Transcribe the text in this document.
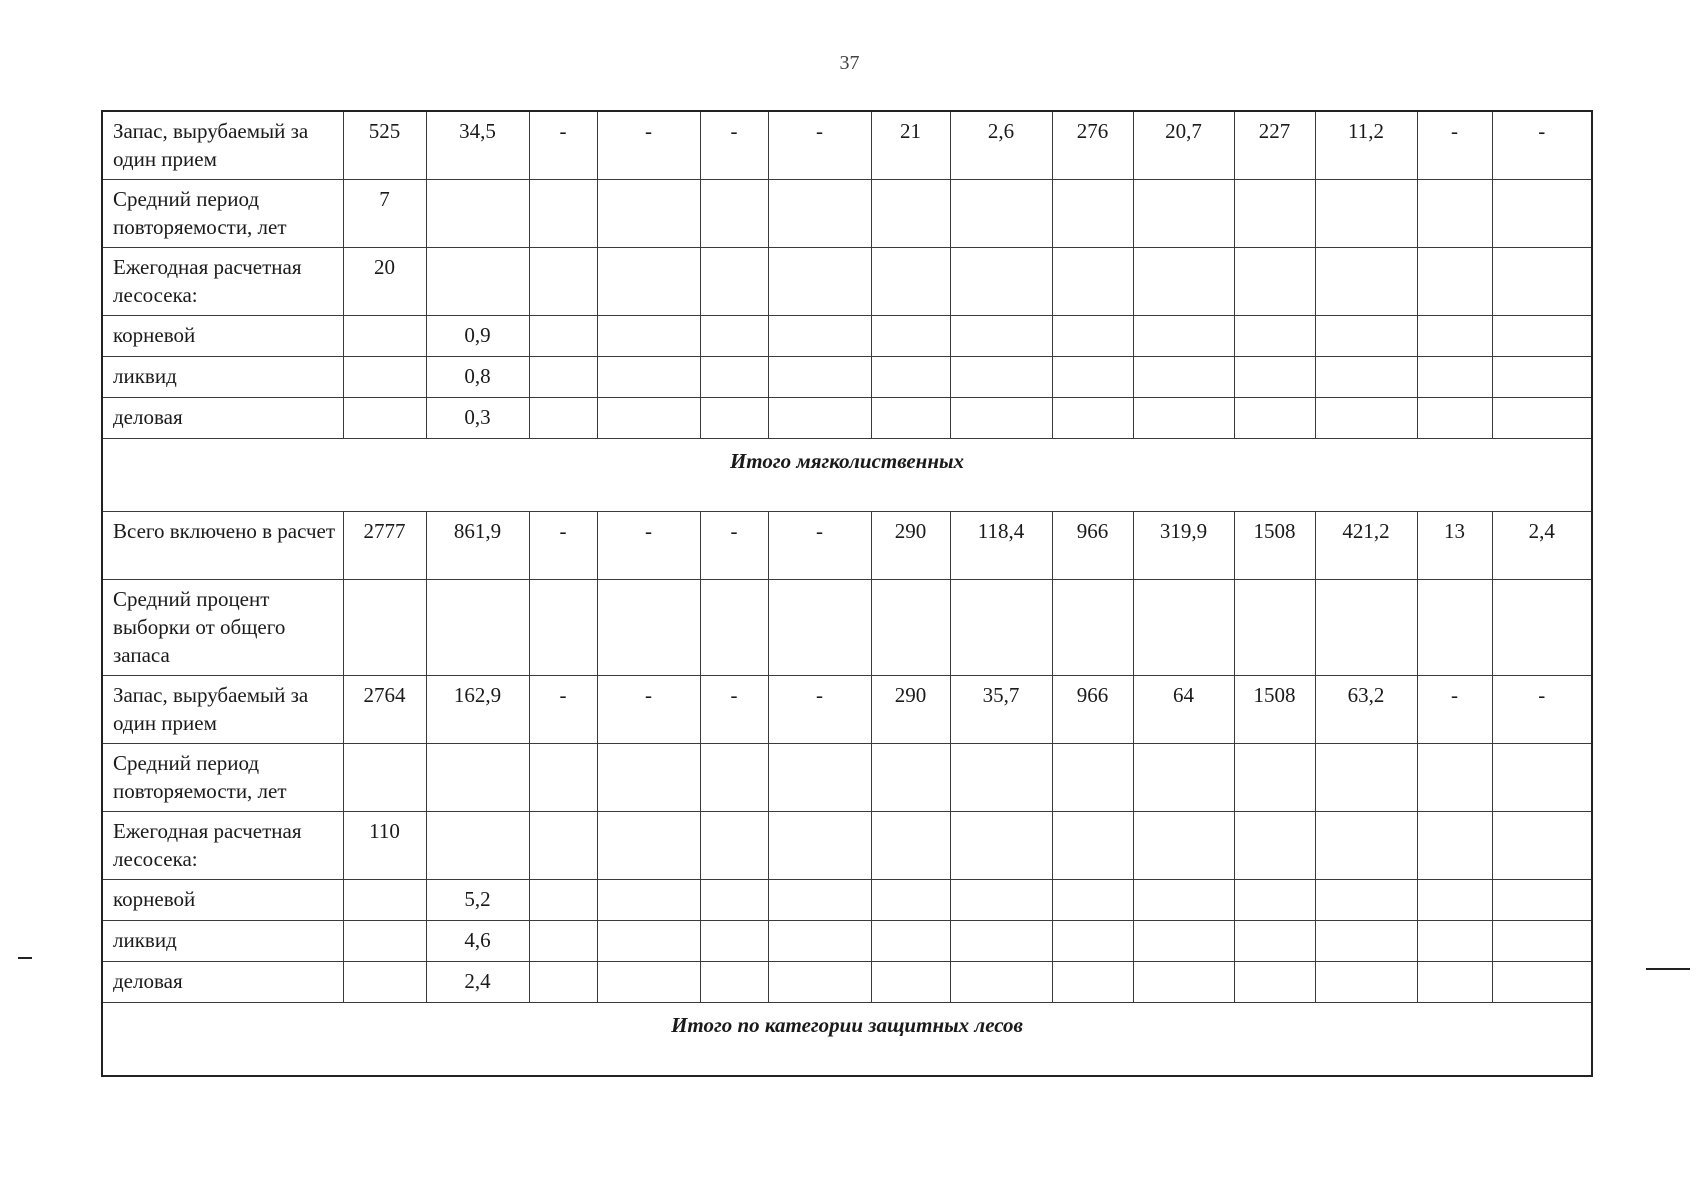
37
Запас, вырубаемый за один прием	525	34,5	-	-	-	-	21	2,6	276	20,7	227	11,2	-	-
Средний период повторяемости, лет	7													
Ежегодная расчетная лесосека:	20													
корневой		0,9												
ликвид		0,8												
деловая		0,3												
Итого мягколиственных														
Всего включено в расчет	2777	861,9	-	-	-	-	290	118,4	966	319,9	1508	421,2	13	2,4
Средний процент выборки от общего запаса														
Запас, вырубаемый за один прием	2764	162,9	-	-	-	-	290	35,7	966	64	1508	63,2	-	-
Средний период повторяемости, лет														
Ежегодная расчетная лесосека:	110													
корневой		5,2												
ликвид		4,6												
деловая		2,4												
Итого по категории защитных лесов														
